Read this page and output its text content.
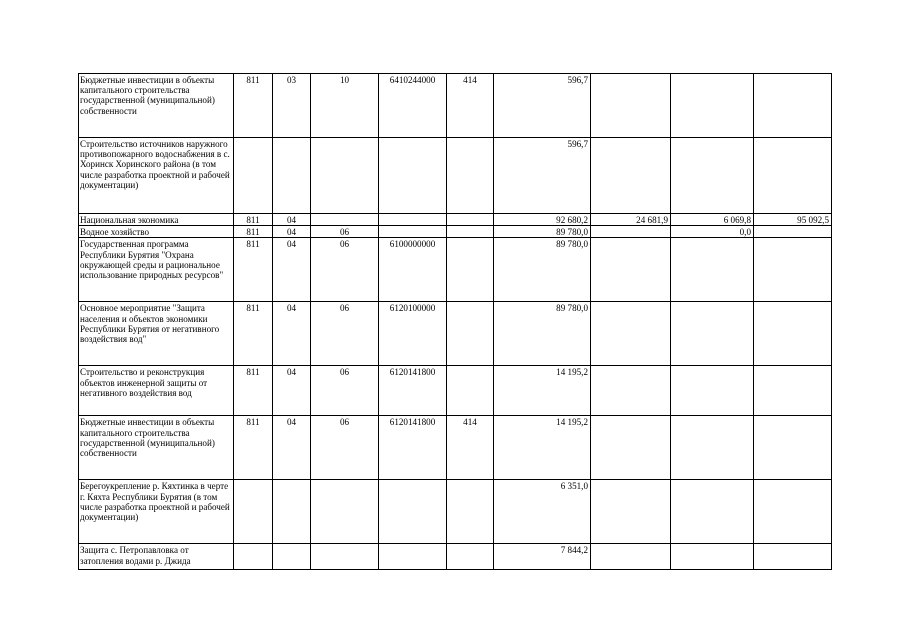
Бюджетные инвестиции в объекты капитального строительства государственной (муниципальной) собственности	811	03	10	6410244000	414	596,7			
Строительство источников наружного противопожарного водоснабжения в с. Хоринск Хоринского района (в том числе разработка проектной и рабочей документации)						596,7			
Национальная экономика	811	04				92 680,2	24 681,9	6 069,8	95 092,5
Водное хозяйство	811	04	06			89 780,0		0,0	
Государственная программа Республики Бурятия "Охрана окружающей среды и рациональное использование природных ресурсов"	811	04	06	6100000000		89 780,0			
Основное мероприятие "Защита населения и объектов экономики Республики Бурятия от негативного воздействия вод"	811	04	06	6120100000		89 780,0			
Строительство и реконструкция объектов инженерной защиты от негативного воздействия вод	811	04	06	6120141800		14 195,2			
Бюджетные инвестиции в объекты капитального строительства государственной (муниципальной) собственности	811	04	06	6120141800	414	14 195,2			
Берегоукрепление р. Кяхтинка в черте г. Кяхта Республики Бурятия (в том числе разработка проектной и рабочей документации)						6 351,0			
Защита с. Петропавловка от затопления водами р. Джида						7 844,2			
